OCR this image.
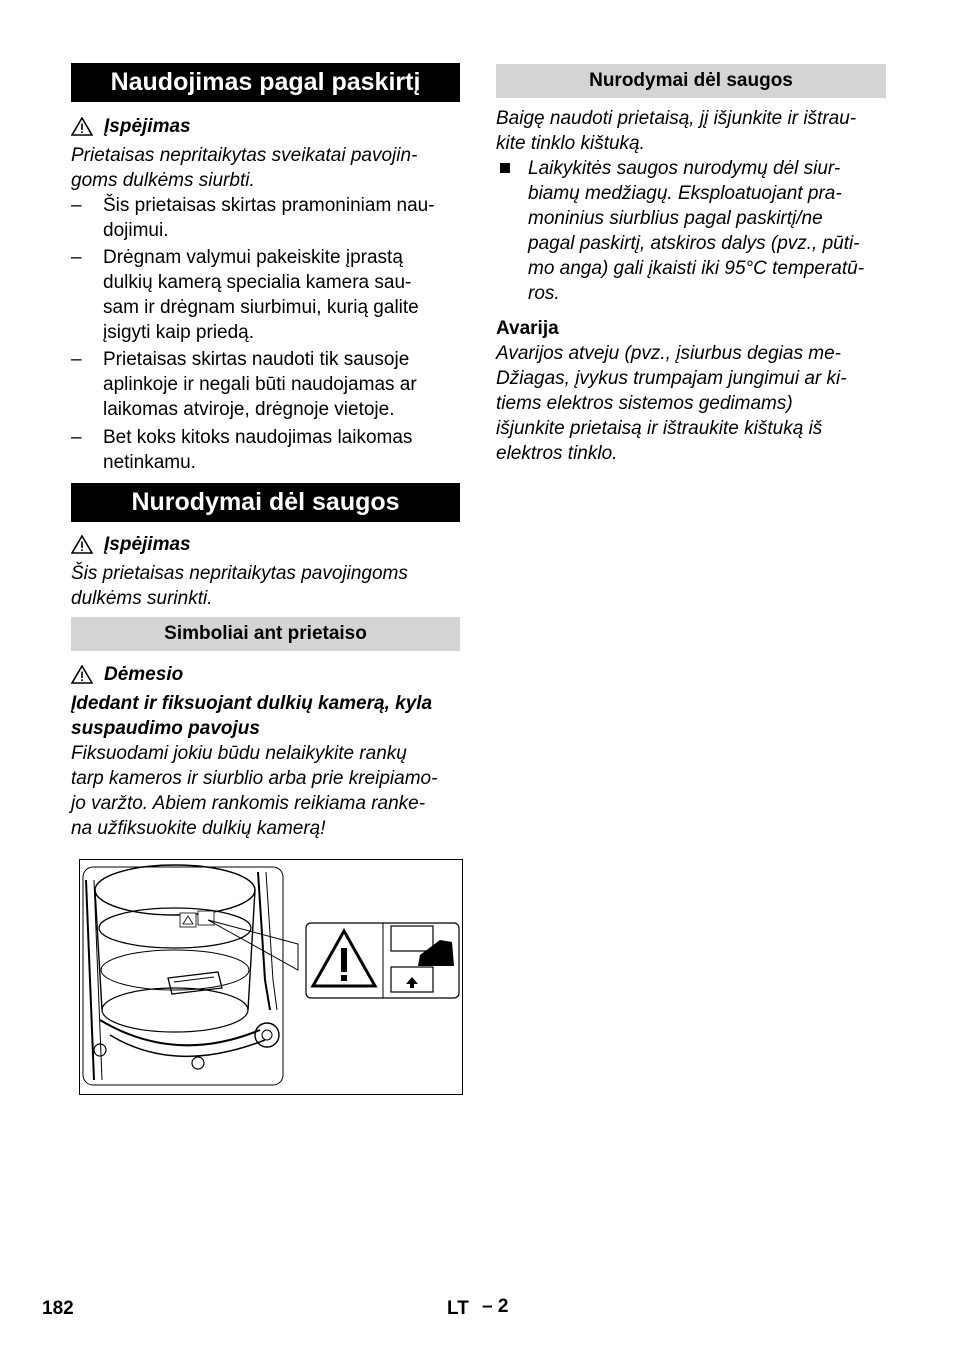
Naudojimas pagal paskirtį
Įspėjimas
Prietaisas nepritaikytas sveikatai pavojin-
goms dulkėms siurbti.
– Šis prietaisas skirtas pramoniniam nau-
dojimui.
– Drėgnam valymui pakeiskite įprastą
dulkių kamerą specialia kamera sau-
sam ir drėgnam siurbimui, kurią galite
įsigyti kaip priedą.
– Prietaisas skirtas naudoti tik sausoje
aplinkoje ir negali būti naudojamas ar
laikomas atviroje, drėgnoje vietoje.
– Bet koks kitoks naudojimas laikomas
netinkamu.
Nurodymai dėl saugos
Įspėjimas
Šis prietaisas nepritaikytas pavojingoms
dulkėms surinkti.
Simboliai ant prietaiso
Dėmesio
Įdedant ir fiksuojant dulkių kamerą, kyla
suspaudimo pavojus
Fiksuodami jokiu būdu nelaikykite rankų
tarp kameros ir siurblio arba prie kreipiamo-
jo varžto. Abiem rankomis reikiama ranke-
na užfiksuokite dulkių kamerą!
Nurodymai dėl saugos
Baigę naudoti prietaisą, jį išjunkite ir ištrau-
kite tinklo kištuką.
Laikykitės saugos nurodymų dėl siur-
biamų medžiagų. Eksploatuojant pra-
moninius siurblius pagal paskirtį/ne
pagal paskirtį, atskiros dalys (pvz., pūti-
mo anga) gali įkaisti iki 95°C temperatū-
ros.
Avarija
Avarijos atveju (pvz., įsiurbus degias me-
Džiagas, įvykus trumpajam jungimui ar ki-
tiems elektros sistemos gedimams)
išjunkite prietaisą ir ištraukite kištuką iš
elektros tinklo.
182	LT – 2
